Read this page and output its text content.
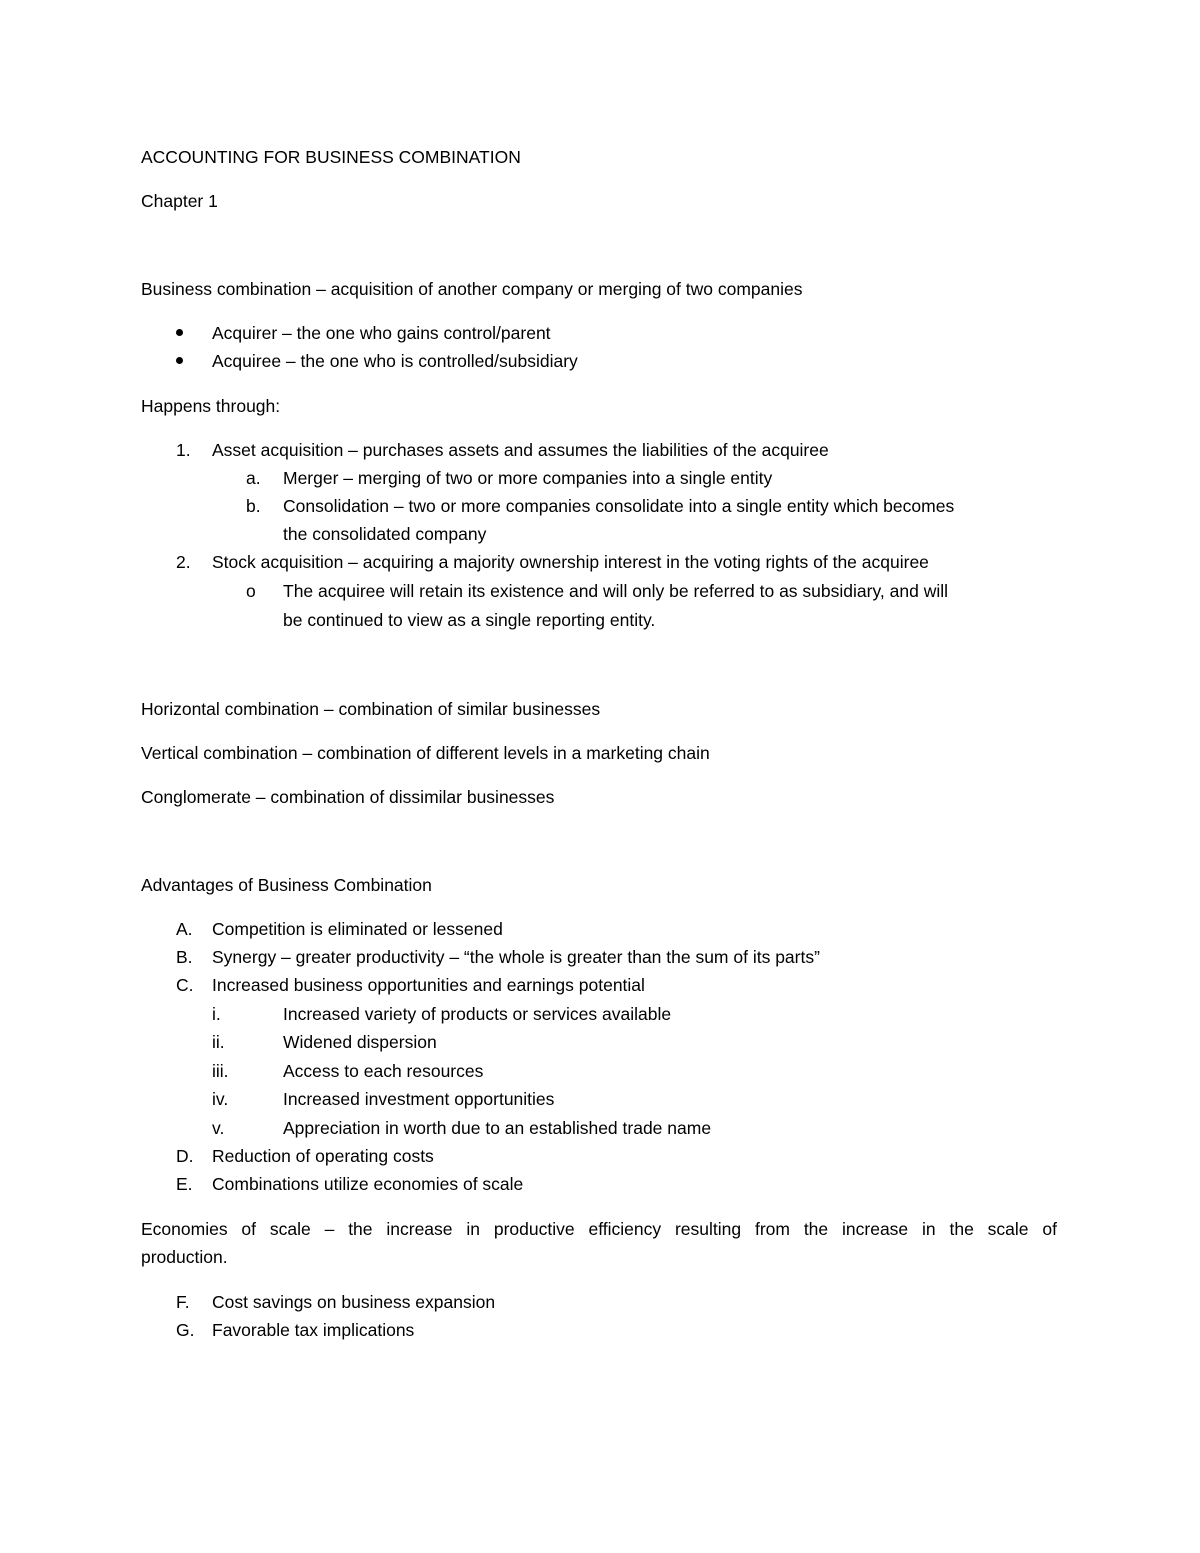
ACCOUNTING FOR BUSINESS COMBINATION
Chapter 1
Business combination – acquisition of another company or merging of two companies
Acquirer – the one who gains control/parent
Acquiree – the one who is controlled/subsidiary
Happens through:
1. Asset acquisition – purchases assets and assumes the liabilities of the acquiree
a. Merger – merging of two or more companies into a single entity
b. Consolidation – two or more companies consolidate into a single entity which becomes
the consolidated company
2. Stock acquisition – acquiring a majority ownership interest in the voting rights of the acquiree
o The acquiree will retain its existence and will only be referred to as subsidiary, and will
be continued to view as a single reporting entity.
Horizontal combination – combination of similar businesses
Vertical combination – combination of different levels in a marketing chain
Conglomerate – combination of dissimilar businesses
Advantages of Business Combination
A. Competition is eliminated or lessened
B. Synergy – greater productivity – “the whole is greater than the sum of its parts”
C. Increased business opportunities and earnings potential
i.	Increased variety of products or services available
ii.	Widened dispersion
iii.	Access to each resources
iv.	Increased investment opportunities
v.	Appreciation in worth due to an established trade name
D. Reduction of operating costs
E. Combinations utilize economies of scale
Economies of scale – the increase in productive efficiency resulting from the increase in the scale of
production.
F. Cost savings on business expansion
G. Favorable tax implications
